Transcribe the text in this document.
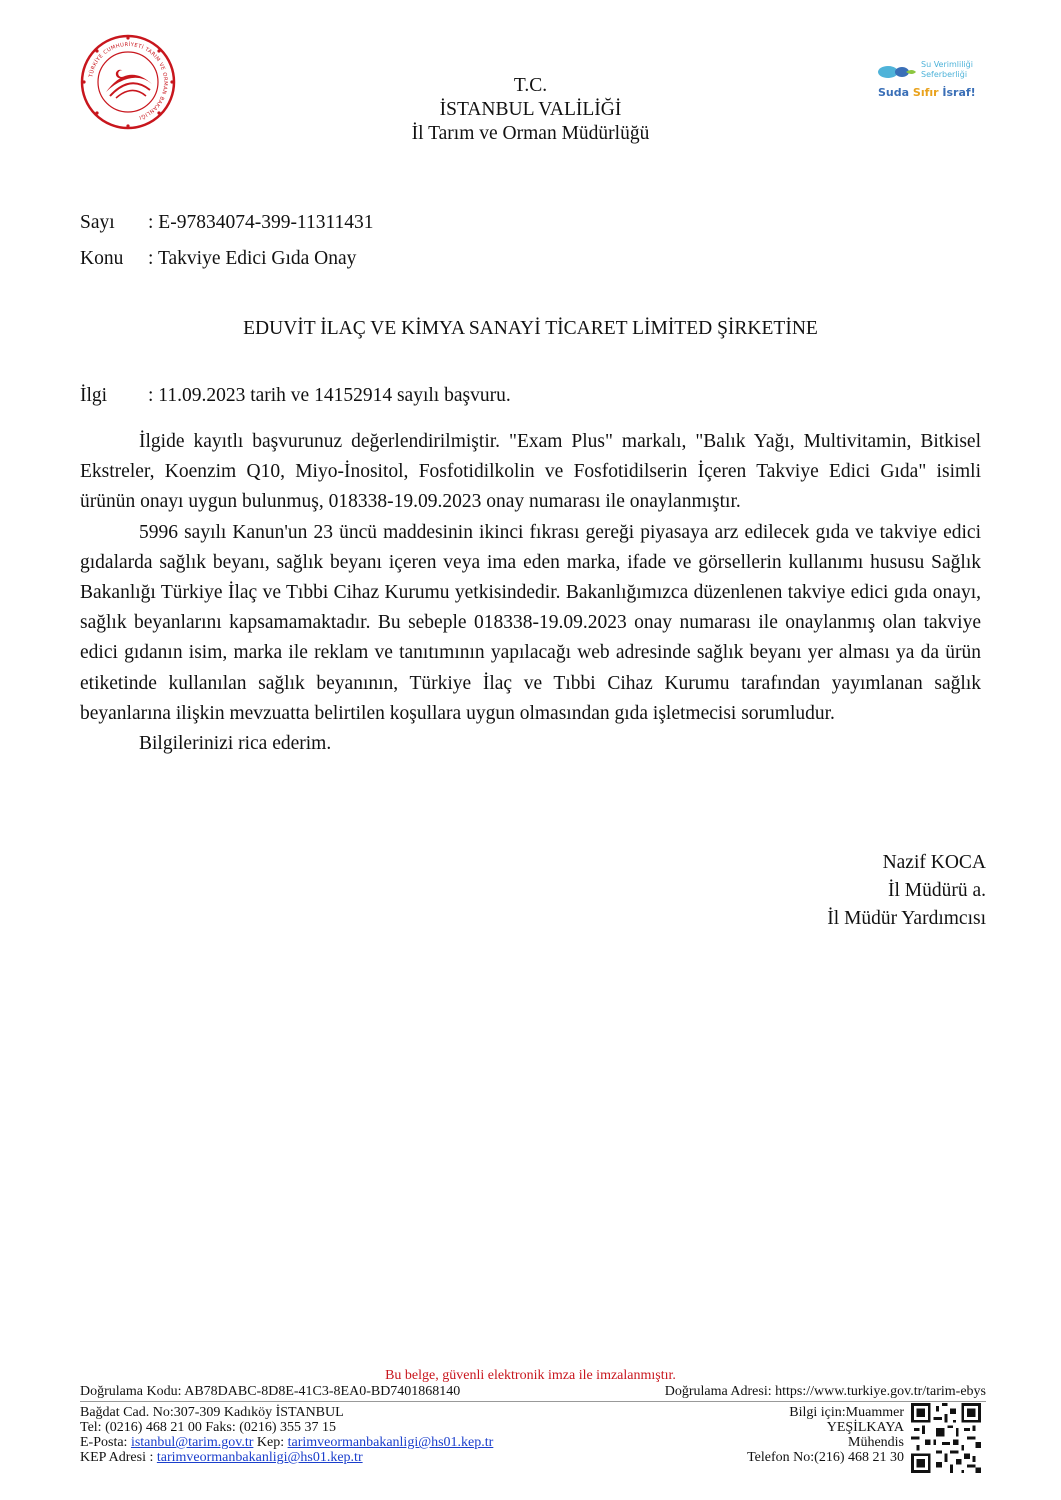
TÜRKİYE CUMHURİYETİ TARIM VE ORMAN BAKANLIĞI
Su Verimliliği
Seferberliği
Suda Sıfır İsraf!
T.C.
İSTANBUL VALİLİĞİ
İl Tarım ve Orman Müdürlüğü
Sayı : E-97834074-399-11311431
Konu : Takviye Edici Gıda Onay
EDUVİT İLAÇ VE KİMYA SANAYİ TİCARET LİMİTED ŞİRKETİNE
İlgi : 11.09.2023 tarih ve 14152914 sayılı başvuru.

İlgide kayıtlı başvurunuz değerlendirilmiştir. "Exam Plus" markalı, "Balık Yağı, Multivitamin, Bitkisel Ekstreler, Koenzim Q10, Miyo-İnositol, Fosfotidilkolin ve Fosfotidilserin İçeren Takviye Edici Gıda" isimli ürünün onayı uygun bulunmuş, 018338-19.09.2023 onay numarası ile onaylanmıştır.

5996 sayılı Kanun'un 23 üncü maddesinin ikinci fıkrası gereği piyasaya arz edilecek gıda ve takviye edici gıdalarda sağlık beyanı, sağlık beyanı içeren veya ima eden marka, ifade ve görsellerin kullanımı hususu Sağlık Bakanlığı Türkiye İlaç ve Tıbbi Cihaz Kurumu yetkisindedir. Bakanlığımızca düzenlenen takviye edici gıda onayı, sağlık beyanlarını kapsamamaktadır. Bu sebeple 018338-19.09.2023 onay numarası ile onaylanmış olan takviye edici gıdanın isim, marka ile reklam ve tanıtımının yapılacağı web adresinde sağlık beyanı yer alması ya da ürün etiketinde kullanılan sağlık beyanının, Türkiye İlaç ve Tıbbi Cihaz Kurumu tarafından yayımlanan sağlık beyanlarına ilişkin mevzuatta belirtilen koşullara uygun olmasından gıda işletmecisi sorumludur.

Bilgilerinizi rica ederim.

Nazif KOCA
İl Müdürü a.
İl Müdür Yardımcısı
Bu belge, güvenli elektronik imza ile imzalanmıştır.
Doğrulama Kodu: AB78DABC-8D8E-41C3-8EA0-BD7401868140	Doğrulama Adresi: https://www.turkiye.gov.tr/tarim-ebys
Bağdat Cad. No:307-309 Kadıköy İSTANBUL
Tel: (0216) 468 21 00 Faks: (0216) 355 37 15
E-Posta: istanbul@tarim.gov.tr Kep: tarimveormanbakanligi@hs01.kep.tr
KEP Adresi : tarimveormanbakanligi@hs01.kep.tr
Bilgi için:Muammer
YEŞİLKAYA
Mühendis
Telefon No:(216) 468 21 30
